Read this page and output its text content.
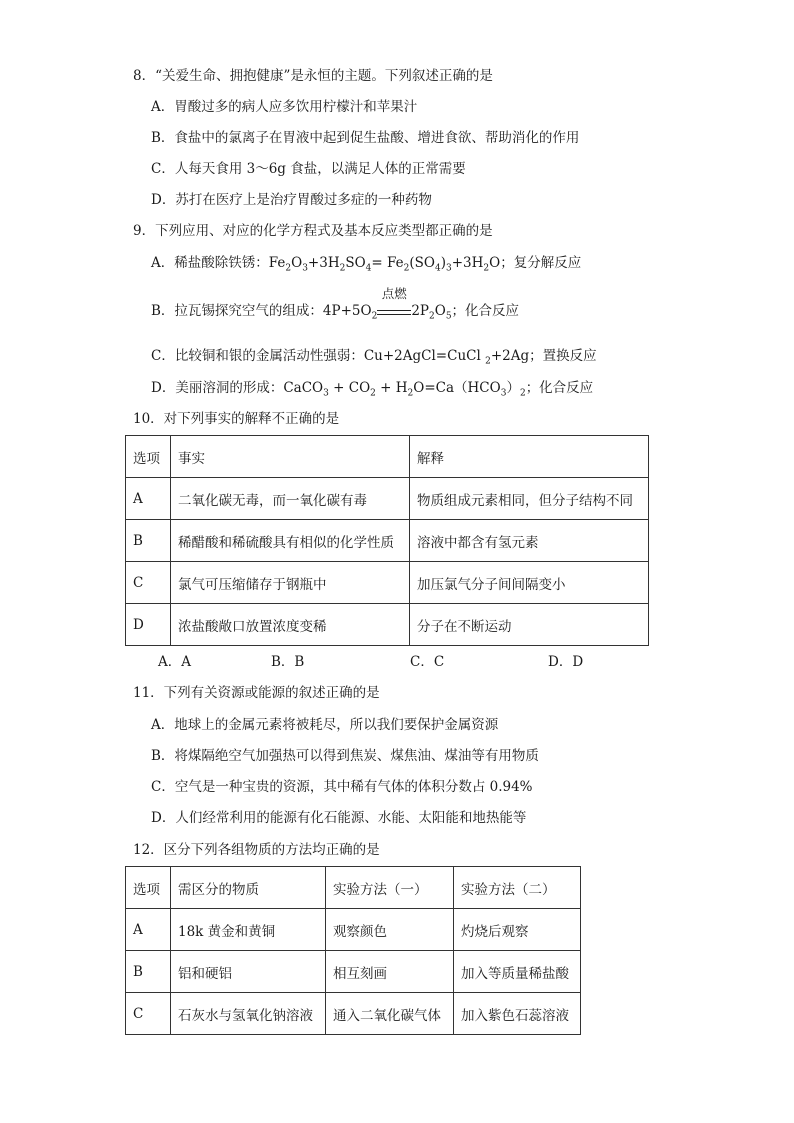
8．“关爱生命、拥抱健康”是永恒的主题。下列叙述正确的是
A．胃酸过多的病人应多饮用柠檬汁和苹果汁
B．食盐中的氯离子在胃液中起到促生盐酸、增进食欲、帮助消化的作用
C．人每天食用 3～6g 食盐，以满足人体的正常需要
D．苏打在医疗上是治疗胃酸过多症的一种药物
9．下列应用、对应的化学方程式及基本反应类型都正确的是
A．稀盐酸除铁锈：$Fe_2O_3+3H_2SO_4= Fe_2(SO_4)_3+3H_2O$；复分解反应
B．拉瓦锡探究空气的组成：$4P+5O_2$
点燃
$2P_2O_5$；化合反应
C．比较铜和银的金属活动性强弱：Cu+2AgCl=CuCl $_2$+2Ag；置换反应
D．美丽溶洞的形成：CaCO$_3$ + $CO_2 + H_2O=Ca(HCO_3)_2$；化合反应
10．对下列事实的解释不正确的是
选项	事实	解释
A	二氧化碳无毒，而一氧化碳有毒	物质组成元素相同，但分子结构不同
B	稀醋酸和稀硫酸具有相似的化学性质	溶液中都含有氢元素
C	氯气可压缩储存于钢瓶中	加压氯气分子间间隔变小
D	浓盐酸敞口放置浓度变稀	分子在不断运动
A．A	B．B	C．C	D．D
11．下列有关资源或能源的叙述正确的是
A．地球上的金属元素将被耗尽，所以我们要保护金属资源
B．将煤隔绝空气加强热可以得到焦炭、煤焦油、煤油等有用物质
C．空气是一种宝贵的资源，其中稀有气体的体积分数占 0.94%
D．人们经常利用的能源有化石能源、水能、太阳能和地热能等
12．区分下列各组物质的方法均正确的是
选项	需区分的物质	实验方法（一）	实验方法（二）
A	18k 黄金和黄铜	观察颜色	灼烧后观察
B	铝和硬铝	相互刻画	加入等质量稀盐酸
C	石灰水与氢氧化钠溶液	通入二氧化碳气体	加入紫色石蕊溶液
